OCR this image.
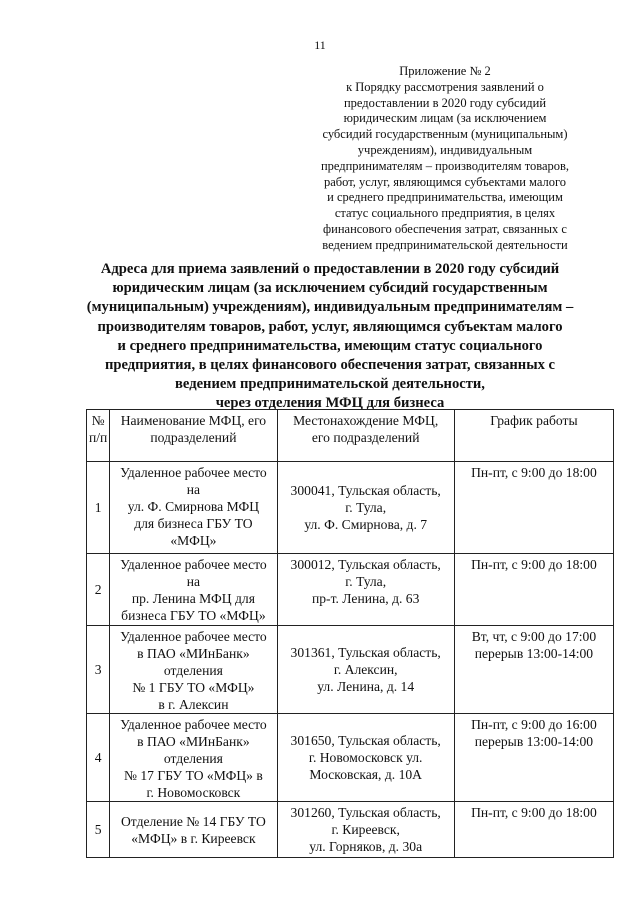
11
Приложение № 2
к Порядку рассмотрения заявлений о
предоставлении в 2020 году субсидий
юридическим лицам (за исключением
субсидий государственным (муниципальным)
учреждениям), индивидуальным
предпринимателям – производителям товаров,
работ, услуг, являющимся субъектами малого
и среднего предпринимательства, имеющим
статус социального предприятия, в целях
финансового обеспечения затрат, связанных с
ведением предпринимательской деятельности
Адреса для приема заявлений о предоставлении в 2020 году субсидий
юридическим лицам (за исключением субсидий государственным
(муниципальным) учреждениям), индивидуальным предпринимателям –
производителям товаров, работ, услуг, являющимся субъектам малого
и среднего предпринимательства, имеющим статус социального
предприятия, в целях финансового обеспечения затрат, связанных с
ведением предпринимательской деятельности,
через отделения МФЦ для бизнеса
№
п/п	Наименование МФЦ, его
подразделений	Местонахождение МФЦ,
его подразделений	График работы

1	Удаленное рабочее место
на
ул. Ф. Смирнова МФЦ
для бизнеса ГБУ ТО
«МФЦ»	300041, Тульская область,
г. Тула,
ул. Ф. Смирнова, д. 7	Пн-пт, с 9:00 до 18:00

2	Удаленное рабочее место
на
пр. Ленина МФЦ для
бизнеса ГБУ ТО «МФЦ»	300012, Тульская область,
г. Тула,
пр-т. Ленина, д. 63	Пн-пт, с 9:00 до 18:00

3	Удаленное рабочее место
в ПАО «МИнБанк»
отделения
№ 1 ГБУ ТО «МФЦ»
в г. Алексин	301361, Тульская область,
г. Алексин,
ул. Ленина, д. 14	Вт, чт, с 9:00 до 17:00
перерыв 13:00-14:00

4	Удаленное рабочее место
в ПАО «МИнБанк»
отделения
№ 17 ГБУ ТО «МФЦ» в
г. Новомосковск	301650, Тульская область,
г. Новомосковск ул.
Московская, д. 10А	Пн-пт, с 9:00 до 16:00
перерыв 13:00-14:00

5	Отделение № 14 ГБУ ТО
«МФЦ» в г. Киреевск	301260, Тульская область,
г. Киреевск,
ул. Горняков, д. 30а	Пн-пт, с 9:00 до 18:00
